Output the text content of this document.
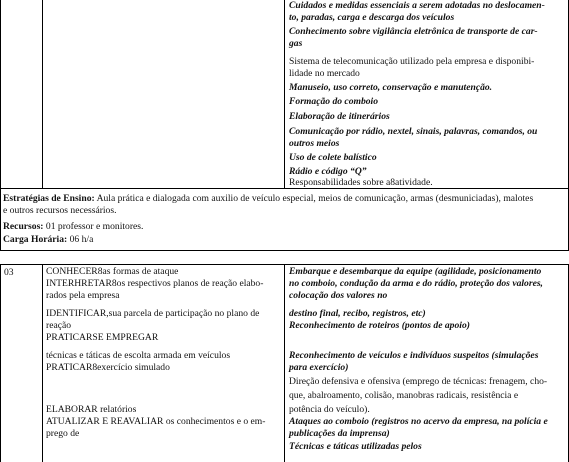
Cuidados e medidas essenciais a serem adotadas no deslocamen-
to, paradas, carga e descarga dos veículos
Conhecimento sobre vigilância eletrônica de transporte de car-
gas
Sistema de telecomunicação utilizado pela empresa e disponibi-
lidade no mercado
Manuseio, uso correto, conservação e manutenção.
Formação do comboio
Elaboração de itinerários
Comunicação por rádio, nextel, sinais, palavras, comandos, ou
outros meios
Uso de colete balístico
Rádio e código “Q”
Responsabilidades sobre a8atividade.
Estratégias de Ensino: Aula prática e dialogada com auxilio de veículo especial, meios de comunicação, armas (desmuniciadas), malotes
e outros recursos necessários.
Recursos: 01 professor e monitores.
Carga Horária: 06 h/a
03	CONHECER8as formas de ataque
INTERHRETAR8os respectivos planos de reação elabo-
rados pela empresa
IDENTIFICAR,sua parcela de participação no plano de
reação
PRATICARSE EMPREGAR
técnicas e táticas de escolta armada em veículos
PRATICAR8exercício simulado
ELABORAR relatórios
ATUALIZAR E REAVALIAR os conhecimentos e o em-
prego de
Embarque e desembarque da equipe (agilidade, posicionamento
no comboio, condução da arma e do rádio, proteção dos valores,
colocação dos valores no
destino final, recibo, registros, etc)
Reconhecimento de roteiros (pontos de apoio)
Reconhecimento de veículos e indivíduos suspeitos (simulações
para exercício)
Direção defensiva e ofensiva (emprego de técnicas: frenagem, cho-
que, abalroamento, colisão, manobras radicais, resistência e
potência do veículo).
Ataques ao comboio (registros no acervo da empresa, na polícia e
publicações da imprensa)
Técnicas e táticas utilizadas pelos
